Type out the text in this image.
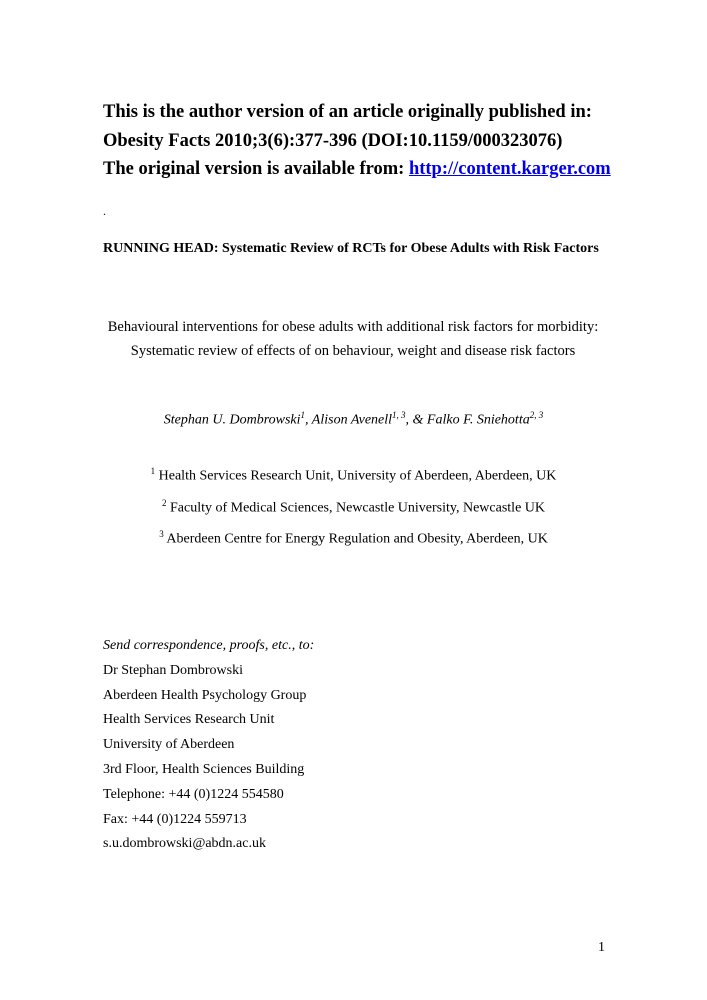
This is the author version of an article originally published in:
Obesity Facts 2010;3(6):377-396 (DOI:10.1159/000323076)
The original version is available from: http://content.karger.com
.
RUNNING HEAD: Systematic Review of RCTs for Obese Adults with Risk Factors
Behavioural interventions for obese adults with additional risk factors for morbidity:
Systematic review of effects of on behaviour, weight and disease risk factors
Stephan U. Dombrowski$^1$, Alison Avenell$^{1, 3}$, & Falko F. Sniehotta$^{2, 3}$
$^1$ Health Services Research Unit, University of Aberdeen, Aberdeen, UK
$^2$ Faculty of Medical Sciences, Newcastle University, Newcastle UK
$^3$ Aberdeen Centre for Energy Regulation and Obesity, Aberdeen, UK
Send correspondence, proofs, etc., to:
Dr Stephan Dombrowski
Aberdeen Health Psychology Group
Health Services Research Unit
University of Aberdeen
3rd Floor, Health Sciences Building
Telephone: +44 (0)1224 554580
Fax: +44 (0)1224 559713
s.u.dombrowski@abdn.ac.uk
1
